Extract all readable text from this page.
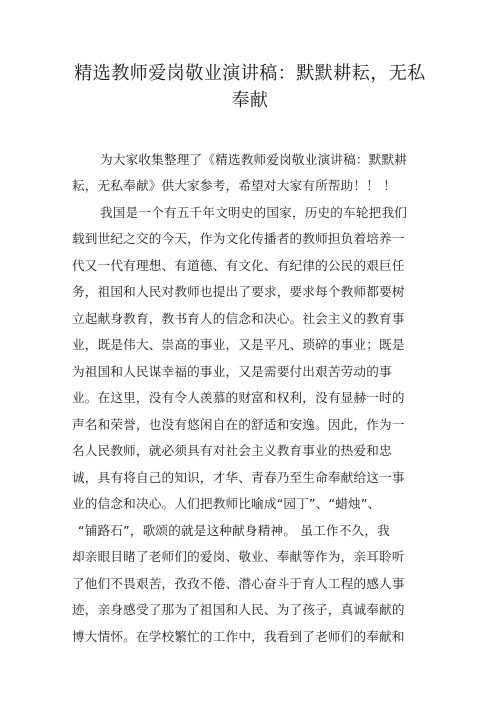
精选教师爱岗敬业演讲稿：默默耕耘，无私
奉献
为大家收集整理了《精选教师爱岗敬业演讲稿：默默耕
耘，无私奉献》供大家参考，希望对大家有所帮助！！ ！
我国是一个有五千年文明史的国家，历史的车轮把我们
载到世纪之交的今天，作为文化传播者的教师担负着培养一
代又一代有理想、有道德、有文化、有纪律的公民的艰巨任
务，祖国和人民对教师也提出了要求，要求每个教师都要树
立起献身教育，教书育人的信念和决心。社会主义的教育事
业，既是伟大、崇高的事业，又是平凡、琐碎的事业；既是
为祖国和人民谋幸福的事业，又是需要付出艰苦劳动的事
业。在这里，没有令人羡慕的财富和权利，没有显赫一时的
声名和荣誉，也没有悠闲自在的舒适和安逸。因此，作为一
名人民教师，就必须具有对社会主义教育事业的热爱和忠
诚，具有将自己的知识，才华、青春乃至生命奉献给这一事
业的信念和决心。人们把教师比喻成“园丁”、“蜡烛”、
“铺路石”，歌颂的就是这种献身精神。 虽工作不久，我
却亲眼目睹了老师们的爱岗、敬业、奉献等作为，亲耳聆听
了他们不畏艰苦，孜孜不倦、潜心奋斗于育人工程的感人事
迹，亲身感受了那为了祖国和人民、为了孩子，真诚奉献的
博大情怀。在学校繁忙的工作中，我看到了老师们的奉献和
